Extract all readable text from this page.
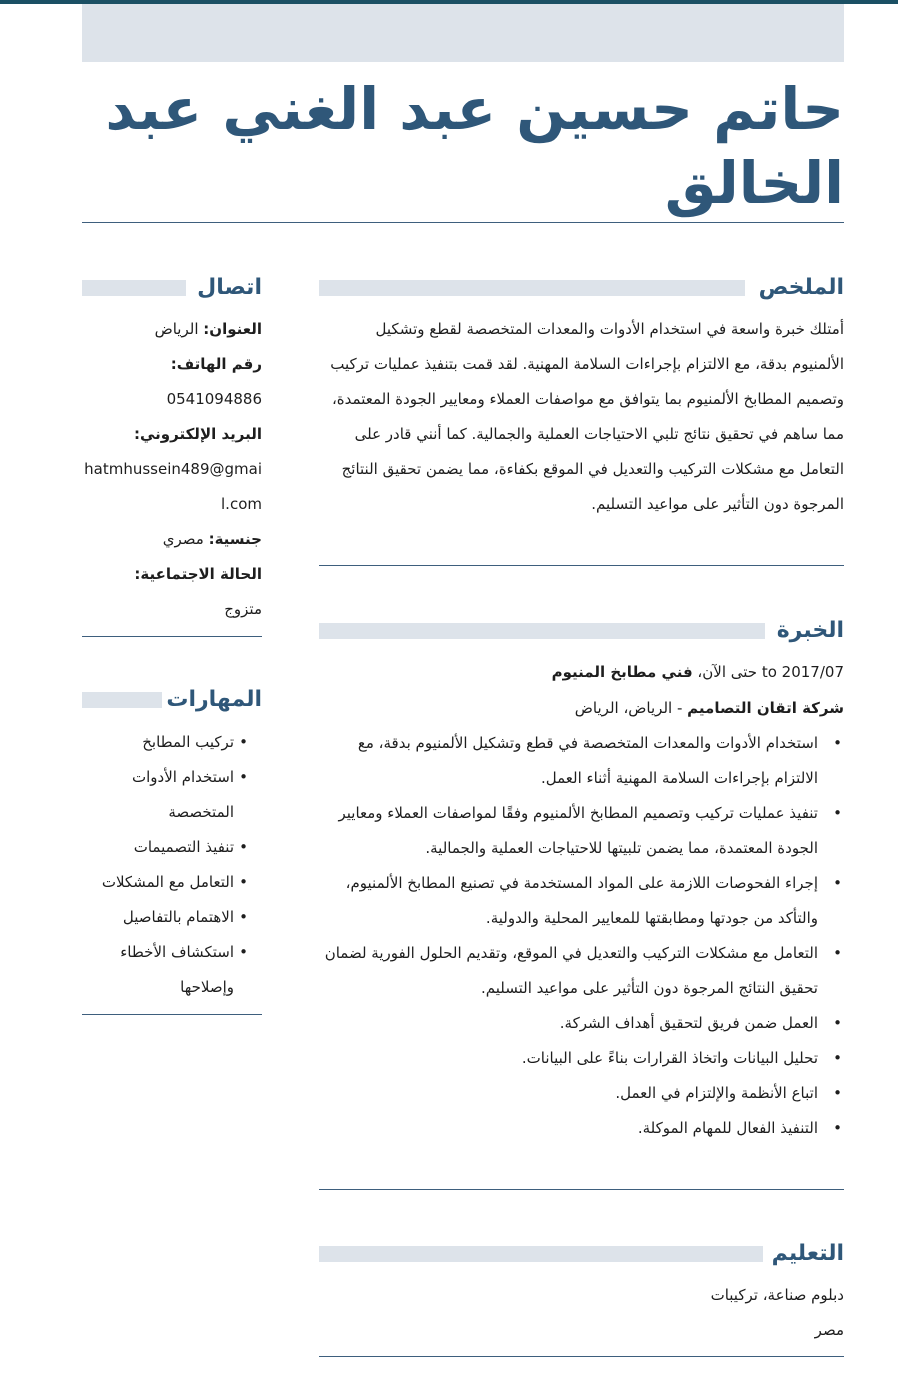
حاتم حسين عبد الغني عبد الخالق
الملخص
أمتلك خبرة واسعة في استخدام الأدوات والمعدات المتخصصة لقطع وتشكيل الألمنيوم بدقة، مع الالتزام بإجراءات السلامة المهنية. لقد قمت بتنفيذ عمليات تركيب وتصميم المطابخ الألمنيوم بما يتوافق مع مواصفات العملاء ومعايير الجودة المعتمدة، مما ساهم في تحقيق نتائج تلبي الاحتياجات العملية والجمالية. كما أنني قادر على التعامل مع مشكلات التركيب والتعديل في الموقع بكفاءة، مما يضمن تحقيق النتائج المرجوة دون التأثير على مواعيد التسليم.
الخبرة
2017/07 to حتى الآن، فني مطابخ المنيوم
شركة اتقان التصاميم - الرياض، الرياض
• استخدام الأدوات والمعدات المتخصصة في قطع وتشكيل الألمنيوم بدقة، مع الالتزام بإجراءات السلامة المهنية أثناء العمل.
• تنفيذ عمليات تركيب وتصميم المطابخ الألمنيوم وفقًا لمواصفات العملاء ومعايير الجودة المعتمدة، مما يضمن تلبيتها للاحتياجات العملية والجمالية.
• إجراء الفحوصات اللازمة على المواد المستخدمة في تصنيع المطابخ الألمنيوم، والتأكد من جودتها ومطابقتها للمعايير المحلية والدولية.
• التعامل مع مشكلات التركيب والتعديل في الموقع، وتقديم الحلول الفورية لضمان تحقيق النتائج المرجوة دون التأثير على مواعيد التسليم.
• العمل ضمن فريق لتحقيق أهداف الشركة.
• تحليل البيانات واتخاذ القرارات بناءً على البيانات.
• اتباع الأنظمة والإلتزام في العمل.
• التنفيذ الفعال للمهام الموكلة.
التعليم
دبلوم صناعة، تركيبات
مصر
اتصال
العنوان: الرياض
رقم الهاتف:
0541094886
البريد الإلكتروني:
hatmhussein489@gmail.com
جنسية: مصري
الحالة الاجتماعية:
متزوج
المهارات
• تركيب المطابخ
• استخدام الأدوات المتخصصة
• تنفيذ التصميمات
• التعامل مع المشكلات
• الاهتمام بالتفاصيل
• استكشاف الأخطاء وإصلاحها
